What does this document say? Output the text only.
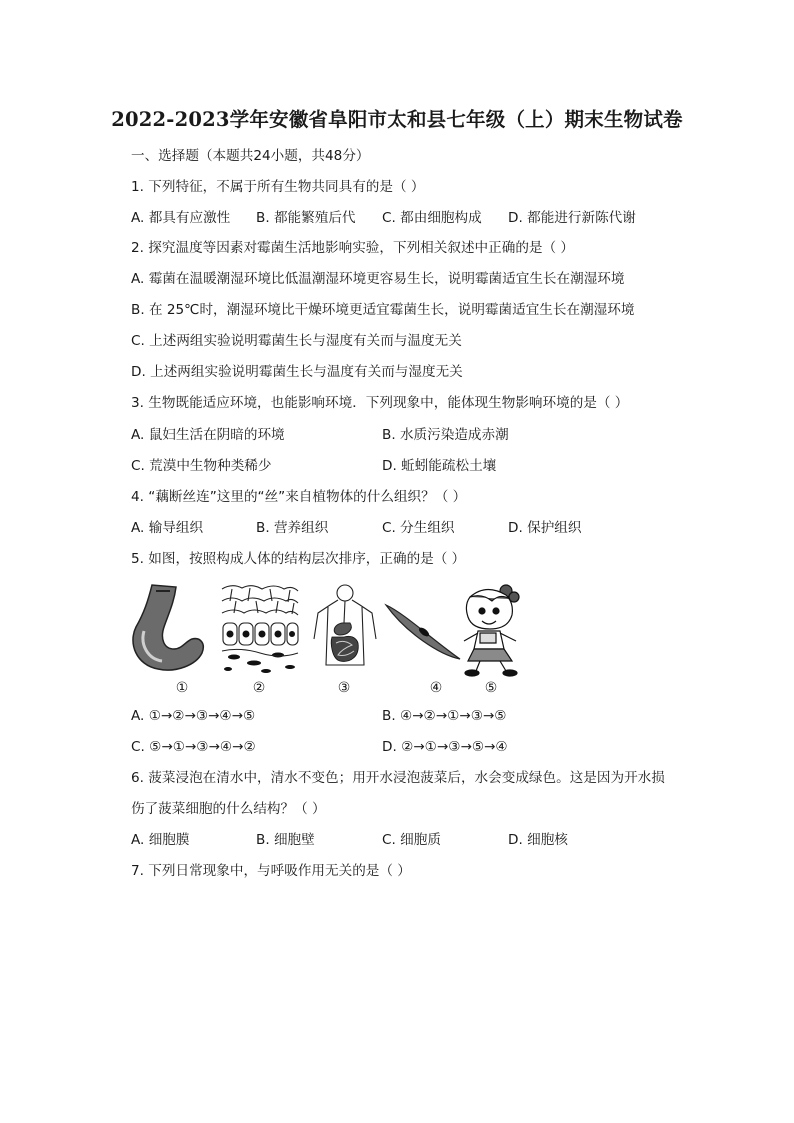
2022-2023学年安徽省阜阳市太和县七年级（上）期末生物试卷
一、选择题（本题共24小题，共48分）
1. 下列特征，不属于所有生物共同具有的是（ ）
A. 都具有应激性 B. 都能繁殖后代 C. 都由细胞构成 D. 都能进行新陈代谢
2. 探究温度等因素对霉菌生活地影响实验，下列相关叙述中正确的是（ ）
A. 霉菌在温暖潮湿环境比低温潮湿环境更容易生长，说明霉菌适宜生长在潮湿环境
B. 在 25℃时，潮湿环境比干燥环境更适宜霉菌生长，说明霉菌适宜生长在潮湿环境
C. 上述两组实验说明霉菌生长与湿度有关而与温度无关
D. 上述两组实验说明霉菌生长与温度有关而与湿度无关
3. 生物既能适应环境，也能影响环境．下列现象中，能体现生物影响环境的是（ ）
A. 鼠妇生活在阴暗的环境	B. 水质污染造成赤潮
C. 荒漠中生物种类稀少	D. 蚯蚓能疏松土壤
4. “藕断丝连”这里的“丝”来自植物体的什么组织？（ ）
A. 输导组织	B. 营养组织	C. 分生组织	D. 保护组织
5. 如图，按照构成人体的结构层次排序，正确的是（ ）
①	②	③	④	⑤
A. ①→②→③→④→⑤	B. ④→②→①→③→⑤
C. ⑤→①→③→④→②	D. ②→①→③→⑤→④
6. 菠菜浸泡在清水中，清水不变色；用开水浸泡菠菜后，水会变成绿色。这是因为开水损
伤了菠菜细胞的什么结构？（ ）
A. 细胞膜	B. 细胞壁	C. 细胞质	D. 细胞核
7. 下列日常现象中，与呼吸作用无关的是（ ）
